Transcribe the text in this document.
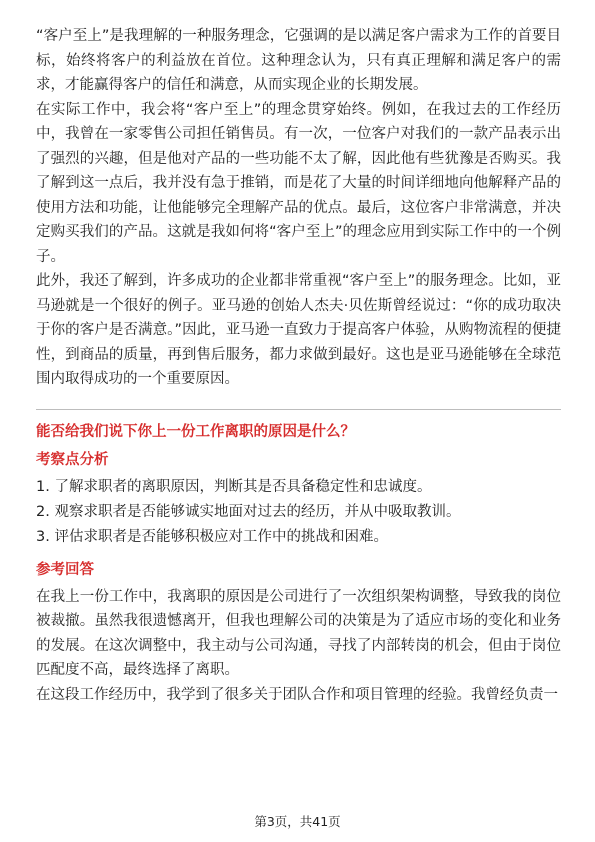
“客户至上”是我理解的一种服务理念，它强调的是以满足客户需求为工作的首要目标，始终将客户的利益放在首位。这种理念认为，只有真正理解和满足客户的需求，才能赢得客户的信任和满意，从而实现企业的长期发展。

在实际工作中，我会将“客户至上”的理念贯穿始终。例如，在我过去的工作经历中，我曾在一家零售公司担任销售员。有一次，一位客户对我们的一款产品表示出了强烈的兴趣，但是他对产品的一些功能不太了解，因此他有些犹豫是否购买。我了解到这一点后，我并没有急于推销，而是花了大量的时间详细地向他解释产品的使用方法和功能，让他能够完全理解产品的优点。最后，这位客户非常满意，并决定购买我们的产品。这就是我如何将“客户至上”的理念应用到实际工作中的一个例子。

此外，我还了解到，许多成功的企业都非常重视“客户至上”的服务理念。比如，亚马逊就是一个很好的例子。亚马逊的创始人杰夫·贝佐斯曾经说过：“你的成功取决于你的客户是否满意。”因此，亚马逊一直致力于提高客户体验，从购物流程的便捷性，到商品的质量，再到售后服务，都力求做到最好。这也是亚马逊能够在全球范围内取得成功的一个重要原因。

能否给我们说下你上一份工作离职的原因是什么？
考察点分析
1. 了解求职者的离职原因，判断其是否具备稳定性和忠诚度。
2. 观察求职者是否能够诚实地面对过去的经历，并从中吸取教训。
3. 评估求职者是否能够积极应对工作中的挑战和困难。
参考回答

在我上一份工作中，我离职的原因是公司进行了一次组织架构调整，导致我的岗位被裁撤。虽然我很遗憾离开，但我也理解公司的决策是为了适应市场的变化和业务的发展。在这次调整中，我主动与公司沟通，寻找了内部转岗的机会，但由于岗位匹配度不高，最终选择了离职。

在这段工作经历中，我学到了很多关于团队合作和项目管理的经验。我曾经负责一

第3页，共41页
